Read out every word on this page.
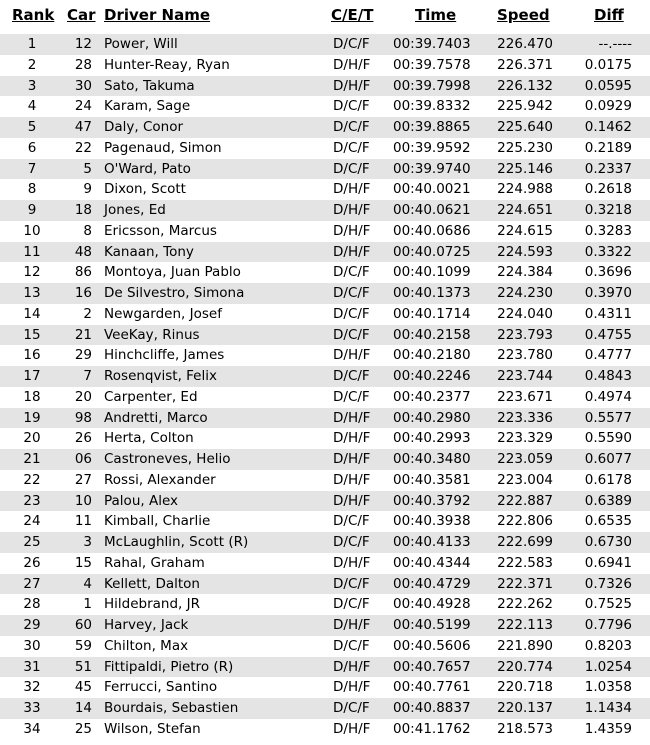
Rank Car Driver Name	C/E/T	Time	Speed	Diff
1	12 Power, Will	D/C/F 00:39.7403	226.470	--.----
2	28 Hunter-Reay, Ryan	D/H/F 00:39.7578	226.371	0.0175
3	30 Sato, Takuma	D/H/F 00:39.7998	226.132	0.0595
4	24 Karam, Sage	D/C/F 00:39.8332	225.942	0.0929
5	47 Daly, Conor	D/C/F 00:39.8865	225.640	0.1462
6	22 Pagenaud, Simon	D/C/F 00:39.9592	225.230	0.2189
7	5 O'Ward, Pato	D/C/F 00:39.9740	225.146	0.2337
8	9 Dixon, Scott	D/H/F 00:40.0021	224.988	0.2618
9	18 Jones, Ed	D/H/F 00:40.0621	224.651	0.3218
10	8 Ericsson, Marcus	D/H/F 00:40.0686	224.615	0.3283
11	48 Kanaan, Tony	D/H/F 00:40.0725	224.593	0.3322
12	86 Montoya, Juan Pablo	D/C/F 00:40.1099	224.384	0.3696
13	16 De Silvestro, Simona	D/C/F 00:40.1373	224.230	0.3970
14	2 Newgarden, Josef	D/C/F 00:40.1714	224.040	0.4311
15	21 VeeKay, Rinus	D/C/F 00:40.2158	223.793	0.4755
16	29 Hinchcliffe, James	D/H/F 00:40.2180	223.780	0.4777
17	7 Rosenqvist, Felix	D/C/F 00:40.2246	223.744	0.4843
18	20 Carpenter, Ed	D/C/F 00:40.2377	223.671	0.4974
19	98 Andretti, Marco	D/H/F 00:40.2980	223.336	0.5577
20	26 Herta, Colton	D/H/F 00:40.2993	223.329	0.5590
21	06 Castroneves, Helio	D/H/F 00:40.3480	223.059	0.6077
22	27 Rossi, Alexander	D/H/F 00:40.3581	223.004	0.6178
23	10 Palou, Alex	D/H/F 00:40.3792	222.887	0.6389
24	11 Kimball, Charlie	D/C/F 00:40.3938	222.806	0.6535
25	3 McLaughlin, Scott (R)	D/C/F 00:40.4133	222.699	0.6730
26	15 Rahal, Graham	D/H/F 00:40.4344	222.583	0.6941
27	4 Kellett, Dalton	D/C/F 00:40.4729	222.371	0.7326
28	1 Hildebrand, JR	D/C/F 00:40.4928	222.262	0.7525
29	60 Harvey, Jack	D/H/F 00:40.5199	222.113	0.7796
30	59 Chilton, Max	D/C/F 00:40.5606	221.890	0.8203
31	51 Fittipaldi, Pietro (R)	D/H/F 00:40.7657	220.774	1.0254
32	45 Ferrucci, Santino	D/H/F 00:40.7761	220.718	1.0358
33	14 Bourdais, Sebastien	D/C/F 00:40.8837	220.137	1.1434
34	25 Wilson, Stefan	D/H/F 00:41.1762	218.573	1.4359
